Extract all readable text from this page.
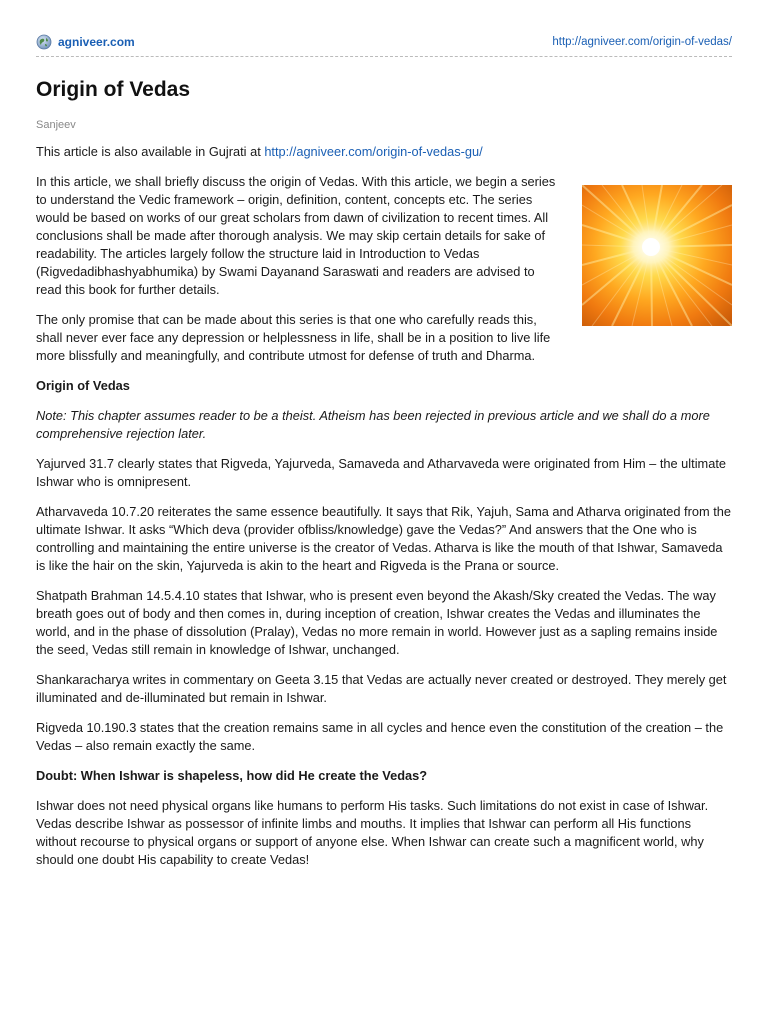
agniveer.com	http://agniveer.com/origin-of-vedas/
Origin of Vedas
Sanjeev

This article is also available in Gujrati at http://agniveer.com/origin-of-vedas-gu/

In this article, we shall briefly discuss the origin of Vedas. With this article, we begin a series to understand the Vedic framework – origin, definition, content, concepts etc. The series would be based on works of our great scholars from dawn of civilization to recent times. All conclusions shall be made after thorough analysis. We may skip certain details for sake of readability. The articles largely follow the structure laid in Introduction to Vedas (Rigvedadibhashyabhumika) by Swami Dayanand Saraswati and readers are advised to read this book for further details.

The only promise that can be made about this series is that one who carefully reads this, shall never ever face any depression or helplessness in life, shall be in a position to live life more blissfully and meaningfully, and contribute utmost for defense of truth and Dharma.

Origin of Vedas

Note: This chapter assumes reader to be a theist. Atheism has been rejected in previous article and we shall do a more comprehensive rejection later.

Yajurved 31.7 clearly states that Rigveda, Yajurveda, Samaveda and Atharvaveda were originated from Him – the ultimate Ishwar who is omnipresent.

Atharvaveda 10.7.20 reiterates the same essence beautifully. It says that Rik, Yajuh, Sama and Atharva originated from the ultimate Ishwar. It asks “Which deva (provider ofbliss/knowledge) gave the Vedas?” And answers that the One who is controlling and maintaining the entire universe is the creator of Vedas. Atharva is like the mouth of that Ishwar, Samaveda is like the hair on the skin, Yajurveda is akin to the heart and Rigveda is the Prana or source.

Shatpath Brahman 14.5.4.10 states that Ishwar, who is present even beyond the Akash/Sky created the Vedas. The way breath goes out of body and then comes in, during inception of creation, Ishwar creates the Vedas and illuminates the world, and in the phase of dissolution (Pralay), Vedas no more remain in world. However just as a sapling remains inside the seed, Vedas still remain in knowledge of Ishwar, unchanged.

Shankaracharya writes in commentary on Geeta 3.15 that Vedas are actually never created or destroyed. They merely get illuminated and de-illuminated but remain in Ishwar.

Rigveda 10.190.3 states that the creation remains same in all cycles and hence even the constitution of the creation – the Vedas – also remain exactly the same.

Doubt: When Ishwar is shapeless, how did He create the Vedas?

Ishwar does not need physical organs like humans to perform His tasks. Such limitations do not exist in case of Ishwar. Vedas describe Ishwar as possessor of infinite limbs and mouths. It implies that Ishwar can perform all His functions without recourse to physical organs or support of anyone else. When Ishwar can create such a magnificent world, why should one doubt His capability to create Vedas!
